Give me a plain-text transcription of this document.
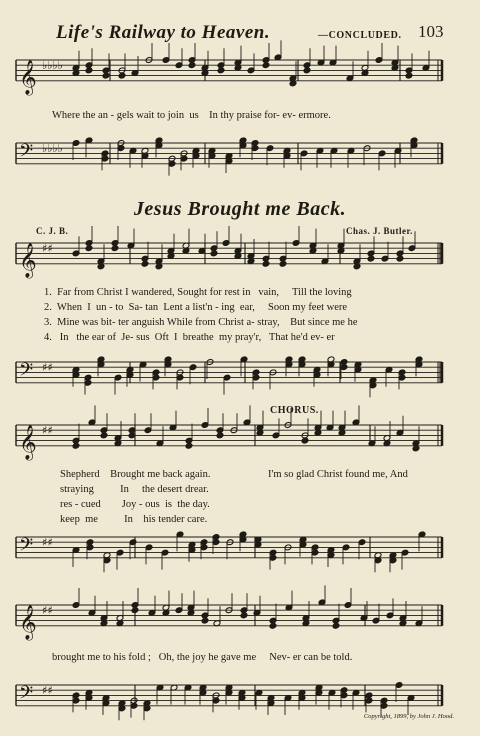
Life's Railway to Heaven.	—CONCLUDED. 103
𝄞 ♭♭♭♭
𝄢 ♭♭♭♭
𝄞 ♯♯
𝄢 ♯♯
𝄞 ♯♯
𝄢 ♯♯
𝄞 ♯♯
𝄢 ♯♯
Jesus Brought me Back.
C. J. B.	Chas. J. Butler.
Where the an - gels wait to join  us    In thy praise for- ev- ermore.
1.  Far from Christ I wandered, Sought for rest in   vain,     Till the loving
2.  When  I  un - to  Sa- tan  Lent a list'n - ing  ear,     Soon my feet were
3.  Mine was bit- ter anguish While from Christ a- stray,    But since me he
4.   In   the ear of  Je- sus  Oft  I  breathe  my pray'r,   That he'd ev- er
CHORUS.
Shepherd    Brought me back again.	I'm so glad Christ found me, And
straying          In     the desert drear.
res - cued        Joy - ous  is  the day.
keep  me          In    his tender care.
brought me to his fold ;   Oh, the joy he gave me     Nev- er can be told.
Copyright, 1899, by John J. Hood.
